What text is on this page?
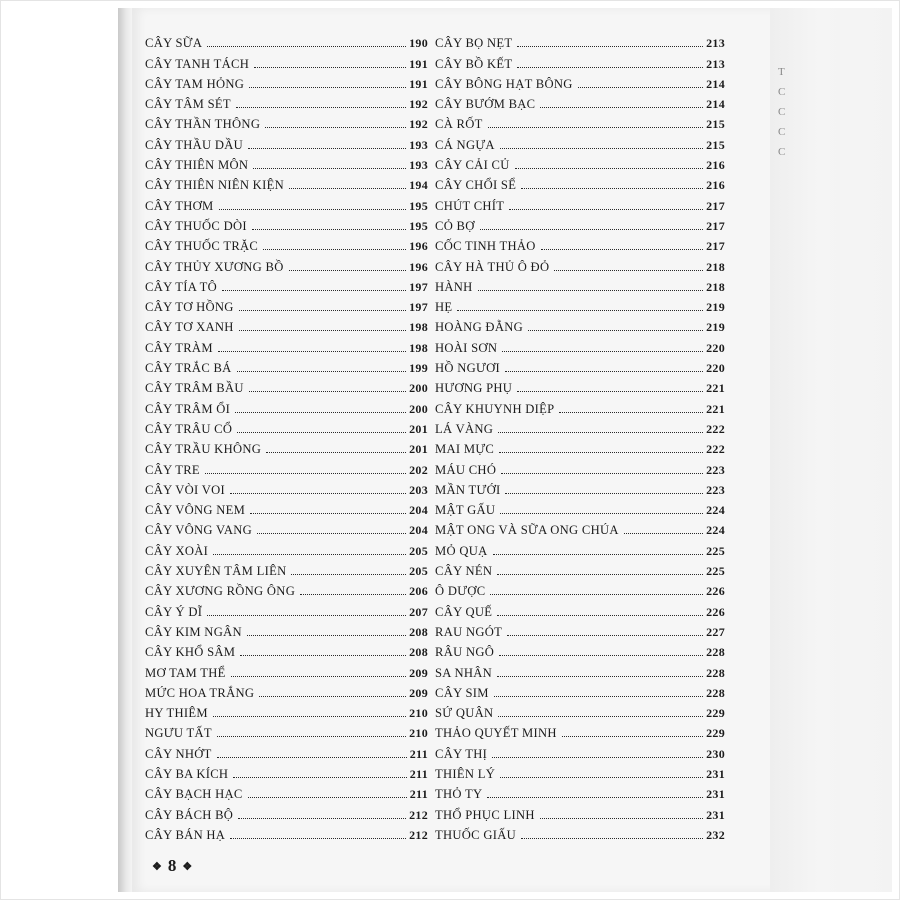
T
C
C
C
C
CÂY SỮA	190
CÂY TANH TÁCH	191
CÂY TAM HỎNG	191
CÂY TÂM SÉT	192
CÂY THẦN THÔNG	192
CÂY THẦU DẦU	193
CÂY THIÊN MÔN	193
CÂY THIÊN NIÊN KIỆN	194
CÂY THƠM	195
CÂY THUỐC DÒI	195
CÂY THUỐC TRẶC	196
CÂY THỦY XƯƠNG BỒ	196
CÂY TÍA TÔ	197
CÂY TƠ HỒNG	197
CÂY TƠ XANH	198
CÂY TRÀM	198
CÂY TRẮC BÁ	199
CÂY TRÂM BẦU	200
CÂY TRÂM ỔI	200
CÂY TRÂU CỔ	201
CÂY TRẦU KHÔNG	201
CÂY TRE	202
CÂY VÒI VOI	203
CÂY VÔNG NEM	204
CÂY VÔNG VANG	204
CÂY XOÀI	205
CÂY XUYÊN TÂM LIÊN	205
CÂY XƯƠNG RỒNG ÔNG	206
CÂY Ý DĨ	207
CÂY KIM NGÂN	208
CÂY KHỔ SÂM	208
MƠ TAM THỂ	209
MỨC HOA TRẮNG	209
HY THIÊM	210
NGƯU TẤT	210
CÂY NHỚT	211
CÂY BA KÍCH	211
CÂY BẠCH HẠC	211
CÂY BÁCH BỘ	212
CÂY BÁN HẠ	212
CÂY BỌ NẸT	213
CÂY BỒ KẾT	213
CÂY BÔNG HẠT BÔNG	214
CÂY BƯỚM BẠC	214
CÀ RỐT	215
CÁ NGỰA	215
CÂY CẢI CỦ	216
CÂY CHỔI SỂ	216
CHÚT CHÍT	217
CỎ BỢ	217
CỐC TINH THẢO	217
CÂY HÀ THỦ Ô ĐỎ	218
HÀNH	218
HẸ	219
HOÀNG ĐẰNG	219
HOÀI SƠN	220
HỒ NGƯƠI	220
HƯƠNG PHỤ	221
CÂY KHUYNH DIỆP	221
LÁ VÀNG	222
MAI MỰC	222
MÁU CHÓ	223
MẦN TƯỚI	223
MẬT GẤU	224
MẬT ONG VÀ SỮA ONG CHÚA	224
MỎ QUẠ	225
CÂY NÉN	225
Ô DƯỢC	226
CÂY QUẾ	226
RAU NGÓT	227
RÂU NGÔ	228
SA NHÂN	228
CÂY SIM	228
SỨ QUÂN	229
THẢO QUYẾT MINH	229
CÂY THỊ	230
THIÊN LÝ	231
THỎ TY	231
THỔ PHỤC LINH	231
THUỐC GIẤU	232
❖ 8 ❖
